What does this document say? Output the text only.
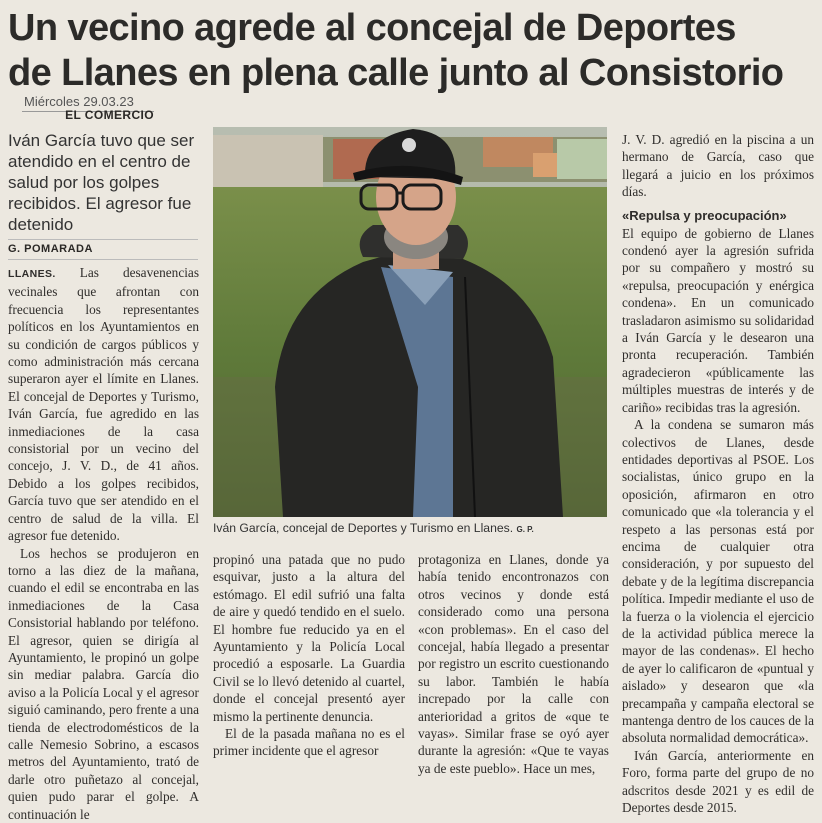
Un vecino agrede al concejal de Deportes
de Llanes en plena calle junto al Consistorio
Miércoles 29.03.23
EL COMERCIO
Iván García tuvo que ser atendido en el centro de salud por los golpes recibidos. El agresor fue detenido
G. POMARADA

LLANES. Las desavenencias vecinales que afrontan con frecuencia los representantes políticos en los Ayuntamientos en su condición de cargos públicos y como administración más cercana superaron ayer el límite en Llanes. El concejal de Deportes y Turismo, Iván García, fue agredido en las inmediaciones de la casa consistorial por un vecino del concejo, J. V. D., de 41 años. Debido a los golpes recibidos, García tuvo que ser atendido en el centro de salud de la villa. El agresor fue detenido.

Los hechos se produjeron en torno a las diez de la mañana, cuando el edil se encontraba en las inmediaciones de la Casa Consistorial hablando por teléfono. El agresor, quien se dirigía al Ayuntamiento, le propinó un golpe sin mediar palabra. García dio aviso a la Policía Local y el agresor siguió caminando, pero frente a una tienda de electrodomésticos de la calle Nemesio Sobrino, a escasos metros del Ayuntamiento, trató de darle otro puñetazo al concejal, quien pudo parar el golpe. A continuación le

Iván García, concejal de Deportes y Turismo en Llanes. G. P.

propinó una patada que no pudo esquivar, justo a la altura del estómago. El edil sufrió una falta de aire y quedó tendido en el suelo. El hombre fue reducido ya en el Ayuntamiento y la Policía Local procedió a esposarle. La Guardia Civil se lo llevó detenido al cuartel, donde el concejal presentó ayer mismo la pertinente denuncia.

El de la pasada mañana no es el primer incidente que el agresor

protagoniza en Llanes, donde ya había tenido encontronazos con otros vecinos y donde está considerado como una persona «con problemas». En el caso del concejal, había llegado a presentar por registro un escrito cuestionando su labor. También le había increpado por la calle con anterioridad a gritos de «que te vayas». Similar frase se oyó ayer durante la agresión: «Que te vayas ya de este pueblo». Hace un mes,

J. V. D. agredió en la piscina a un hermano de García, caso que llegará a juicio en los próximos días.

«Repulsa y preocupación»

El equipo de gobierno de Llanes condenó ayer la agresión sufrida por su compañero y mostró su «repulsa, preocupación y enérgica condena». En un comunicado trasladaron asimismo su solidaridad a Iván García y le desearon una pronta recuperación. También agradecieron «públicamente las múltiples muestras de interés y de cariño» recibidas tras la agresión.

A la condena se sumaron más colectivos de Llanes, desde entidades deportivas al PSOE. Los socialistas, único grupo en la oposición, afirmaron en otro comunicado que «la tolerancia y el respeto a las personas está por encima de cualquier otra consideración, y por supuesto del debate y de la legítima discrepancia política. Impedir mediante el uso de la fuerza o la violencia el ejercicio de la actividad pública merece la mayor de las condenas». El hecho de ayer lo calificaron de «puntual y aislado» y desearon que «la precampaña y campaña electoral se mantenga dentro de los cauces de la absoluta normalidad democrática».

Iván García, anteriormente en Foro, forma parte del grupo de no adscritos desde 2021 y es edil de Deportes desde 2015.
